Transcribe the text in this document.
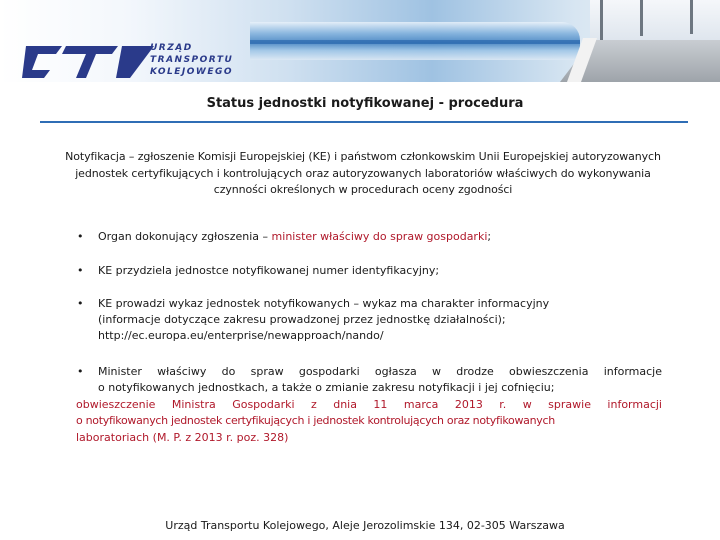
URZĄD
TRANSPORTU
KOLEJOWEGO
Status jednostki notyfikowanej - procedura
Notyfikacja – zgłoszenie Komisji Europejskiej (KE) i państwom członkowskim Unii Europejskiej autoryzowanych
jednostek certyfikujących i kontrolujących oraz autoryzowanych laboratoriów właściwych do wykonywania
czynności określonych w procedurach oceny zgodności
• Organ dokonujący zgłoszenia – minister właściwy do spraw gospodarki;
• KE przydziela jednostce notyfikowanej numer identyfikacyjny;
• KE prowadzi wykaz jednostek notyfikowanych – wykaz ma charakter informacyjny
(informacje dotyczące zakresu prowadzonej przez jednostkę działalności);
http://ec.europa.eu/enterprise/newapproach/nando/
• Minister właściwy do spraw gospodarki ogłasza w drodze obwieszczenia informacje
o notyfikowanych jednostkach, a także o zmianie zakresu notyfikacji i jej cofnięciu;
obwieszczenie Ministra Gospodarki z dnia 11 marca 2013 r. w sprawie informacji
o notyfikowanych jednostek certyfikujących i jednostek kontrolujących oraz notyfikowanych
laboratoriach (M. P. z 2013 r. poz. 328)
Urząd Transportu Kolejowego, Aleje Jerozolimskie 134, 02-305 Warszawa
